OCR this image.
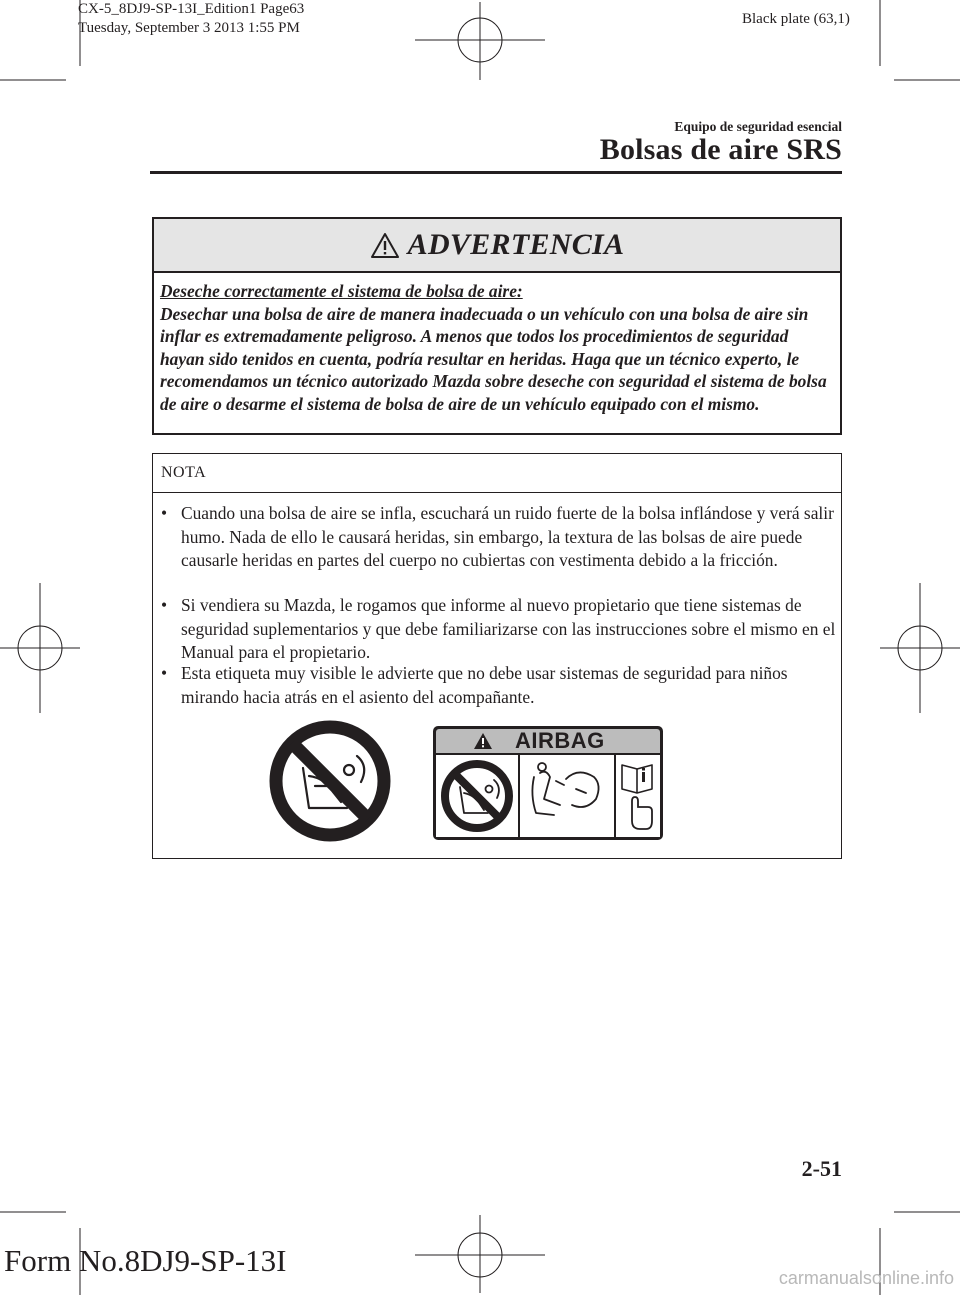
CX-5_8DJ9-SP-13I_Edition1 Page63
Tuesday, September 3 2013 1:55 PM
Black plate (63,1)
Equipo de seguridad esencial
Bolsas de aire SRS
ADVERTENCIA
Deseche correctamente el sistema de bolsa de aire:
Desechar una bolsa de aire de manera inadecuada o un vehículo con una bolsa de aire sin inflar es extremadamente peligroso. A menos que todos los procedimientos de seguridad hayan sido tenidos en cuenta, podría resultar en heridas. Haga que un técnico experto, le recomendamos un técnico autorizado Mazda sobre deseche con seguridad el sistema de bolsa de aire o desarme el sistema de bolsa de aire de un vehículo equipado con el mismo.
NOTA
• Cuando una bolsa de aire se infla, escuchará un ruido fuerte de la bolsa inflándose y verá salir humo. Nada de ello le causará heridas, sin embargo, la textura de las bolsas de aire puede causarle heridas en partes del cuerpo no cubiertas con vestimenta debido a la fricción.
• Si vendiera su Mazda, le rogamos que informe al nuevo propietario que tiene sistemas de seguridad suplementarios y que debe familiarizarse con las instrucciones sobre el mismo en el Manual para el propietario.
• Esta etiqueta muy visible le advierte que no debe usar sistemas de seguridad para niños mirando hacia atrás en el asiento del acompañante.
AIRBAG
2-51
Form No.8DJ9-SP-13I	carmanualsonline.info
